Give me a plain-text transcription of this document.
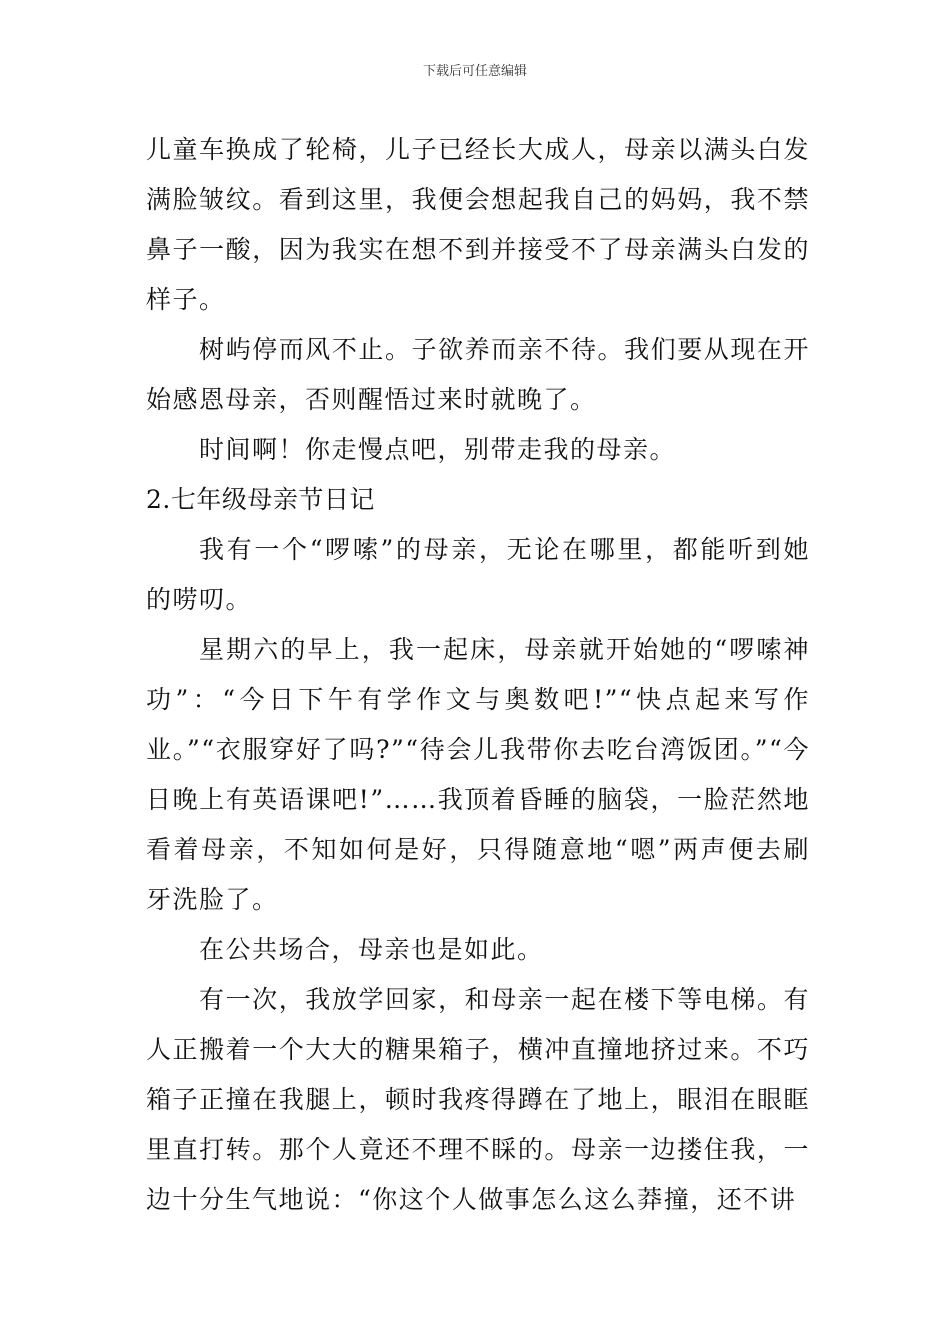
下载后可任意编辑

儿童车换成了轮椅，儿子已经长大成人，母亲以满头白发满脸皱纹。看到这里，我便会想起我自己的妈妈，我不禁鼻子一酸，因为我实在想不到并接受不了母亲满头白发的样子。

树屿停而风不止。子欲养而亲不待。我们要从现在开始感恩母亲，否则醒悟过来时就晚了。

时间啊！你走慢点吧，别带走我的母亲。

2.七年级母亲节日记

我有一个“啰嗦”的母亲，无论在哪里，都能听到她的唠叨。

星期六的早上，我一起床，母亲就开始她的“啰嗦神功”：“今日下午有学作文与奥数吧!”“快点起来写作业。”“衣服穿好了吗?”“待会儿我带你去吃台湾饭团。”“今日晚上有英语课吧!”……我顶着昏睡的脑袋，一脸茫然地看着母亲，不知如何是好，只得随意地“嗯”两声便去刷牙洗脸了。

在公共场合，母亲也是如此。

有一次，我放学回家，和母亲一起在楼下等电梯。有人正搬着一个大大的糖果箱子，横冲直撞地挤过来。不巧箱子正撞在我腿上，顿时我疼得蹲在了地上，眼泪在眼眶里直打转。那个人竟还不理不睬的。母亲一边搂住我，一边十分生气地说：“你这个人做事怎么这么莽撞，还不讲
